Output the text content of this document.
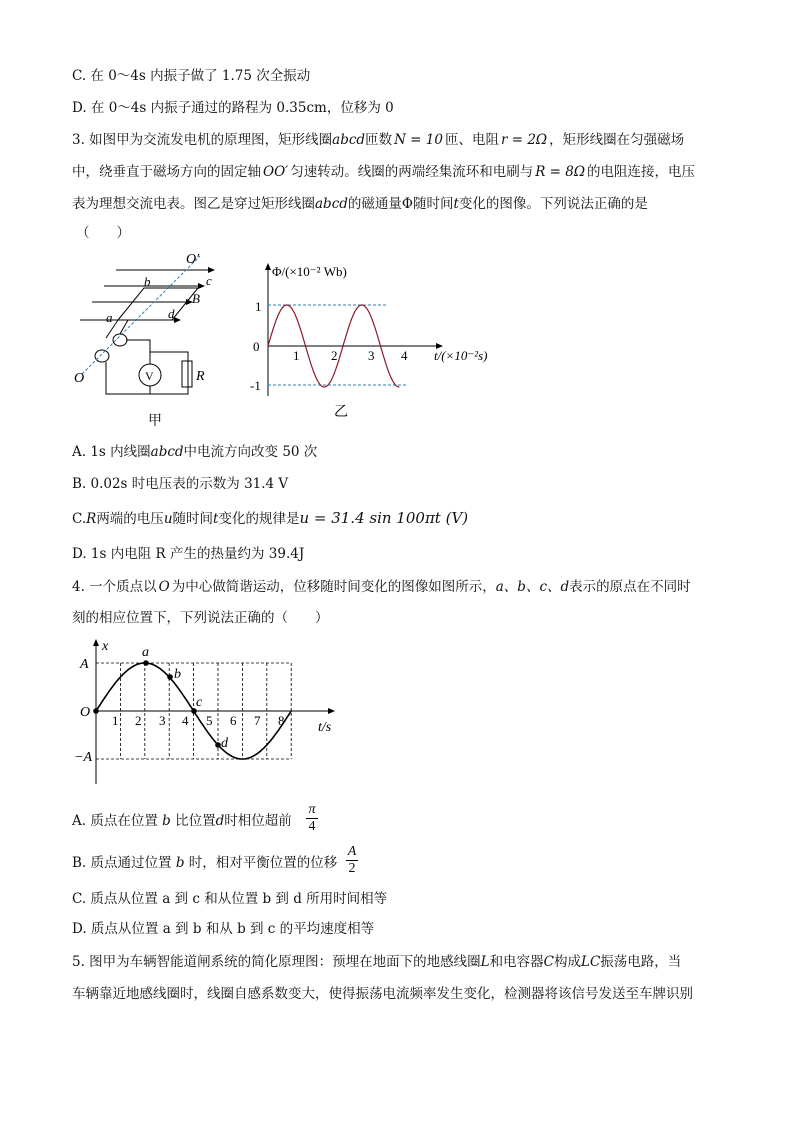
C. 在 0～4s 内振子做了 1.75 次全振动
D. 在 0～4s 内振子通过的路程为 0.35cm，位移为 0
3. 如图甲为交流发电机的原理图，矩形线圈abcd匝数 N = 10 匝、电阻 r = 2Ω ，矩形线圈在匀强磁场
中，绕垂直于磁场方向的固定轴 OO′ 匀速转动。线圈的两端经集流环和电刷与 R = 8Ω 的电阻连接，电压
表为理想交流电表。图乙是穿过矩形线圈abcd的磁通量Φ随时间t变化的图像。下列说法正确的是
（　　）
O′
O
b	c
B
a	d
V	R
甲
Φ/(×10⁻² Wb)
1
0
-1
1 2 3 4 t/(×10⁻²s)
乙
A. 1s 内线圈abcd中电流方向改变 50 次
B. 0.02s 时电压表的示数为 31.4 V
C.R两端的电压u随时间t变化的规律是u = 31.4 sin 100πt (V)
D. 1s 内电阻 R 产生的热量约为 39.4J
4. 一个质点以 O 为中心做简谐运动，位移随时间变化的图像如图所示，a、b、c、d表示的原点在不同时
刻的相应位置下，下列说法正确的（　　）
x
A
−A
O
a
b
c
d
1 2 3 4 5 6 7 8 t/s
A. 质点在位置 b 比位置d时相位超前
π
4
B. 质点通过位置 b 时，相对平衡位置的位移
A
2
C. 质点从位置 a 到 c 和从位置 b 到 d 所用时间相等
D. 质点从位置 a 到 b 和从 b 到 c 的平均速度相等
5. 图甲为车辆智能道闸系统的简化原理图：预埋在地面下的地感线圈L和电容器C构成LC振荡电路，当
车辆靠近地感线圈时，线圈自感系数变大，使得振荡电流频率发生变化，检测器将该信号发送至车牌识别
